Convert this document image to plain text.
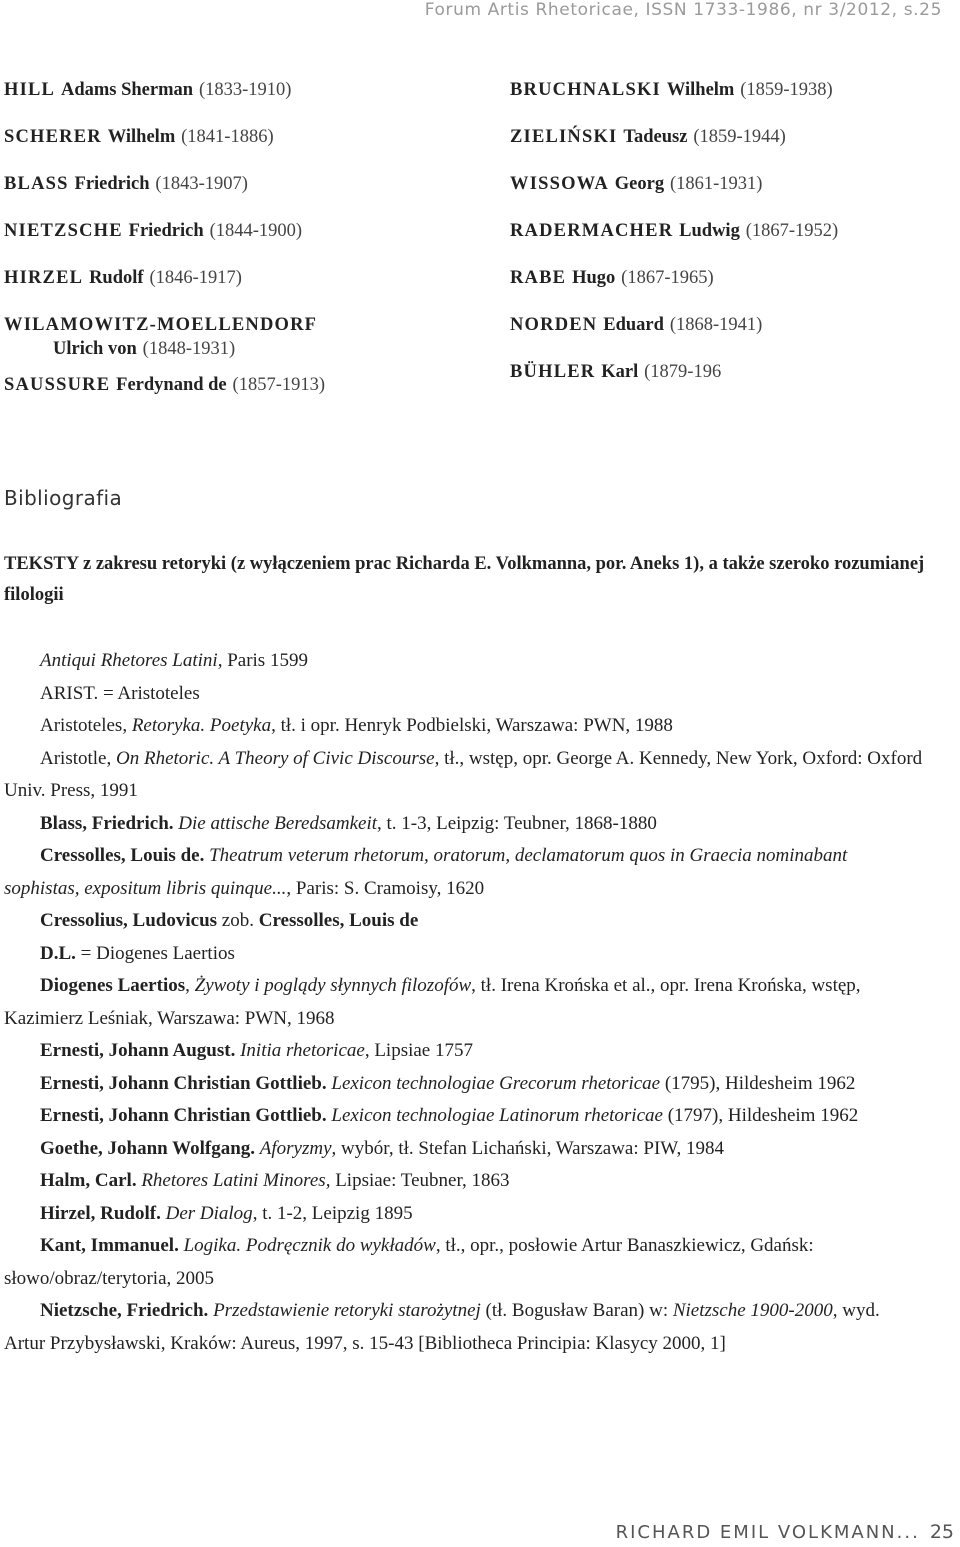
Forum Artis Rhetoricae, ISSN 1733-1986, nr 3/2012, s.25
HILL Adams Sherman (1833-1910)
SCHERER Wilhelm (1841-1886)
BLASS Friedrich (1843-1907)
NIETZSCHE Friedrich (1844-1900)
HIRZEL Rudolf (1846-1917)
WILAMOWITZ-MOELLENDORF
Ulrich von (1848-1931)
SAUSSURE Ferdynand de (1857-1913)
BRUCHNALSKI Wilhelm (1859-1938)
ZIELIŃSKI Tadeusz (1859-1944)
WISSOWA Georg (1861-1931)
RADERMACHER Ludwig (1867-1952)
RABE Hugo (1867-1965)
NORDEN Eduard (1868-1941)
BÜHLER Karl (1879-196
Bibliografia
TEKSTY z zakresu retoryki (z wyłączeniem prac Richarda E. Volkmanna, por. Aneks 1), a także szeroko rozumianej filologii

Antiqui Rhetores Latini, Paris 1599

ARIST. = Aristoteles

Aristoteles, Retoryka. Poetyka, tł. i opr. Henryk Podbielski, Warszawa: PWN, 1988

Aristotle, On Rhetoric. A Theory of Civic Discourse, tł., wstęp, opr. George A. Kennedy, New York, Oxford: Oxford Univ. Press, 1991

Blass, Friedrich. Die attische Beredsamkeit, t. 1-3, Leipzig: Teubner, 1868-1880

Cressolles, Louis de. Theatrum veterum rhetorum, oratorum, declamatorum quos in Graecia nominabant sophistas, expositum libris quinque..., Paris: S. Cramoisy, 1620

Cressolius, Ludovicus zob. Cressolles, Louis de

D.L. = Diogenes Laertios

Diogenes Laertios, Żywoty i poglądy słynnych filozofów, tł. Irena Krońska et al., opr. Irena Krońska, wstęp, Kazimierz Leśniak, Warszawa: PWN, 1968

Ernesti, Johann August. Initia rhetoricae, Lipsiae 1757

Ernesti, Johann Christian Gottlieb. Lexicon technologiae Grecorum rhetoricae (1795), Hildesheim 1962

Ernesti, Johann Christian Gottlieb. Lexicon technologiae Latinorum rhetoricae (1797), Hildesheim 1962

Goethe, Johann Wolfgang. Aforyzmy, wybór, tł. Stefan Lichański, Warszawa: PIW, 1984

Halm, Carl. Rhetores Latini Minores, Lipsiae: Teubner, 1863

Hirzel, Rudolf. Der Dialog, t. 1-2, Leipzig 1895

Kant, Immanuel. Logika. Podręcznik do wykładów, tł., opr., posłowie Artur Banaszkiewicz, Gdańsk: słowo/obraz/terytoria, 2005

Nietzsche, Friedrich. Przedstawienie retoryki starożytnej (tł. Bogusław Baran) w: Nietzsche 1900-2000, wyd. Artur Przybysławski, Kraków: Aureus, 1997, s. 15-43 [Bibliotheca Principia: Klasycy 2000, 1]

RICHARD EMIL VOLKMANN... 25
